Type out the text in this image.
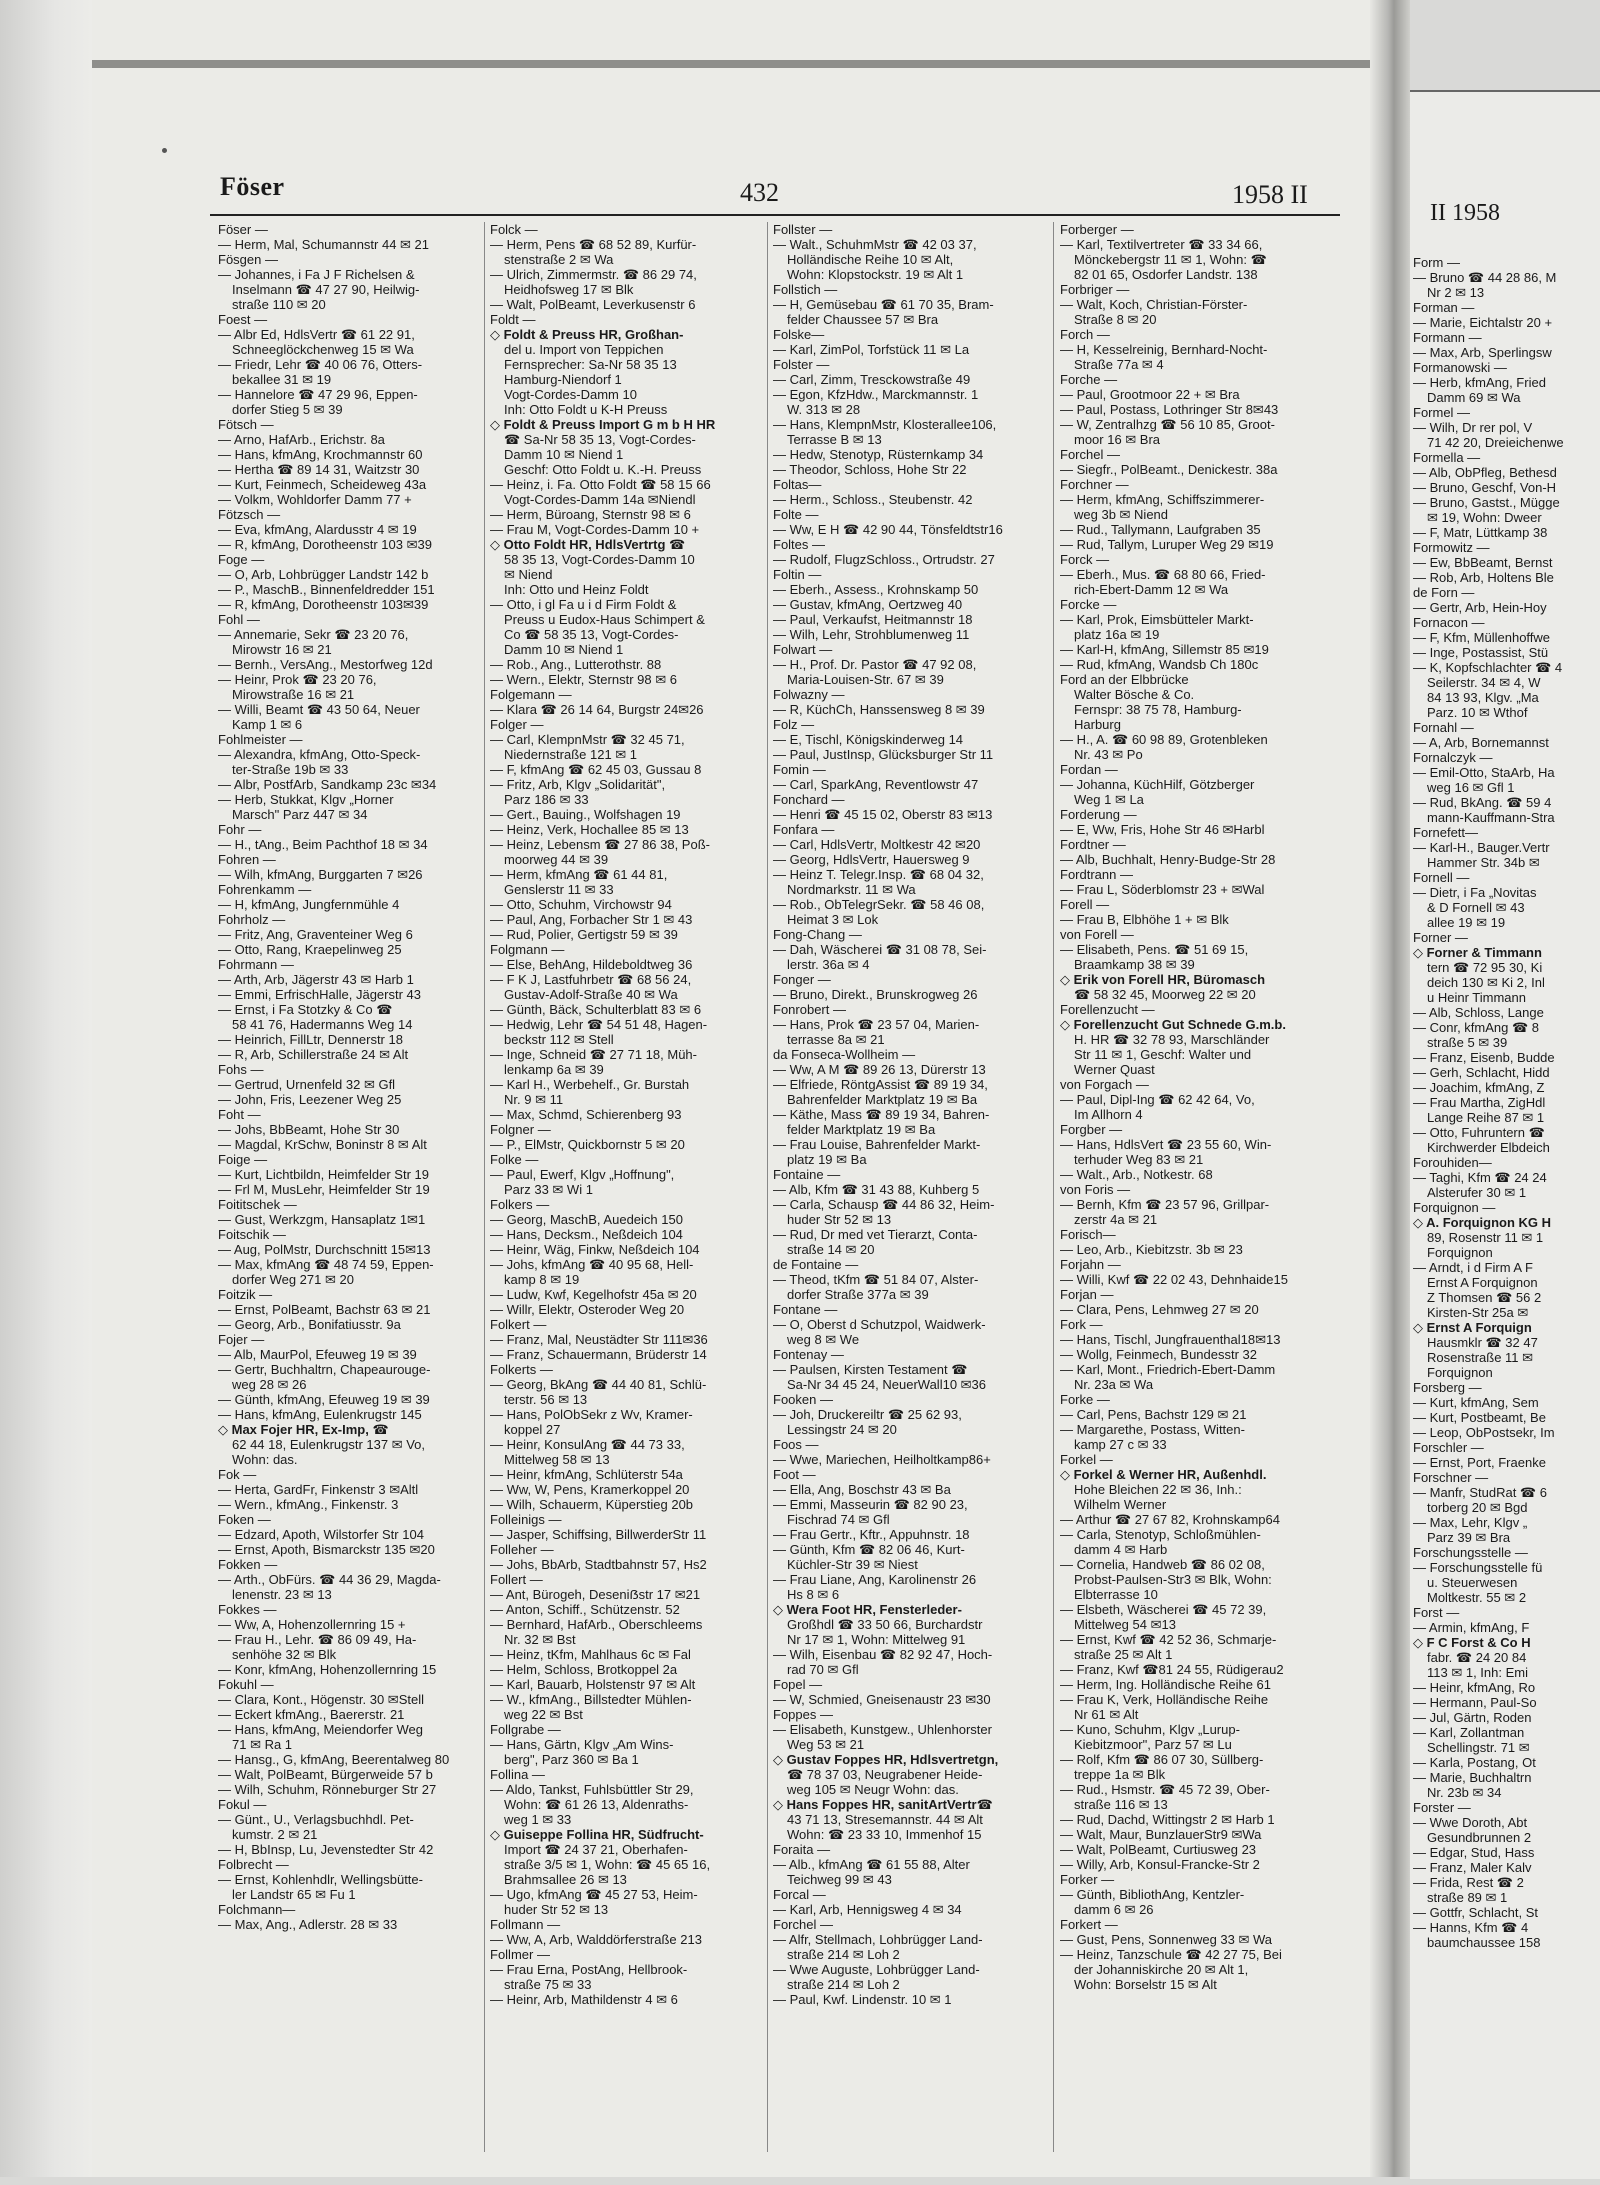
Föser	432	1958 II
II 1958
Föser —
— Herm, Mal, Schumannstr 44 ✉ 21
Fösgen —
— Johannes, i Fa J F Richelsen &
Inselmann ☎ 47 27 90, Heilwig-
straße 110 ✉ 20
Foest —
— Albr Ed, HdlsVertr ☎ 61 22 91,
Schneeglöckchenweg 15 ✉ Wa
— Friedr, Lehr ☎ 40 06 76, Otters-
bekallee 31 ✉ 19
— Hannelore ☎ 47 29 96, Eppen-
dorfer Stieg 5 ✉ 39
Fötsch —
— Arno, HafArb., Erichstr. 8a
— Hans, kfmAng, Krochmannstr 60
— Hertha ☎ 89 14 31, Waitzstr 30
— Kurt, Feinmech, Scheideweg 43a
— Volkm, Wohldorfer Damm 77 +
Fötzsch —
— Eva, kfmAng, Alardusstr 4 ✉ 19
— R, kfmAng, Dorotheenstr 103 ✉39
Foge —
— O, Arb, Lohbrügger Landstr 142 b
— P., MaschB., Binnenfeldredder 151
— R, kfmAng, Dorotheenstr 103✉39
Fohl —
— Annemarie, Sekr ☎ 23 20 76,
Mirowstr 16 ✉ 21
— Bernh., VersAng., Mestorfweg 12d
— Heinr, Prok ☎ 23 20 76,
Mirowstraße 16 ✉ 21
— Willi, Beamt ☎ 43 50 64, Neuer
Kamp 1 ✉ 6
Fohlmeister —
— Alexandra, kfmAng, Otto-Speck-
ter-Straße 19b ✉ 33
— Albr, PostfArb, Sandkamp 23c ✉34
— Herb, Stukkat, Klgv „Horner
Marsch" Parz 447 ✉ 34
Fohr —
— H., tAng., Beim Pachthof 18 ✉ 34
Fohren —
— Wilh, kfmAng, Burggarten 7 ✉26
Fohrenkamm —
— H, kfmAng, Jungfernmühle 4
Fohrholz —
— Fritz, Ang, Graventeiner Weg 6
— Otto, Rang, Kraepelinweg 25
Fohrmann —
— Arth, Arb, Jägerstr 43 ✉ Harb 1
— Emmi, ErfrischHalle, Jägerstr 43
— Ernst, i Fa Stotzky & Co ☎
58 41 76, Hadermanns Weg 14
— Heinrich, FillLtr, Dennerstr 18
— R, Arb, Schillerstraße 24 ✉ Alt
Fohs —
— Gertrud, Urnenfeld 32 ✉ Gfl
— John, Fris, Leezener Weg 25
Foht —
— Johs, BbBeamt, Hohe Str 30
— Magdal, KrSchw, Boninstr 8 ✉ Alt
Foige —
— Kurt, Lichtbildn, Heimfelder Str 19
— Frl M, MusLehr, Heimfelder Str 19
Foititschek —
— Gust, Werkzgm, Hansaplatz 1✉1
Foitschik —
— Aug, PolMstr, Durchschnitt 15✉13
— Max, kfmAng ☎ 48 74 59, Eppen-
dorfer Weg 271 ✉ 20
Foitzik —
— Ernst, PolBeamt, Bachstr 63 ✉ 21
— Georg, Arb., Bonifatiusstr. 9a
Fojer —
— Alb, MaurPol, Efeuweg 19 ✉ 39
— Gertr, Buchhaltrn, Chapeaurouge-
weg 28 ✉ 26
— Günth, kfmAng, Efeuweg 19 ✉ 39
— Hans, kfmAng, Eulenkrugstr 145
◇ Max Fojer HR, Ex-Imp, ☎
62 44 18, Eulenkrugstr 137 ✉ Vo,
Wohn: das.
Fok —
— Herta, GardFr, Finkenstr 3 ✉Altl
— Wern., kfmAng., Finkenstr. 3
Foken —
— Edzard, Apoth, Wilstorfer Str 104
— Ernst, Apoth, Bismarckstr 135 ✉20
Fokken —
— Arth., ObFürs. ☎ 44 36 29, Magda-
lenenstr. 23 ✉ 13
Fokkes —
— Ww, A, Hohenzollernring 15 +
— Frau H., Lehr. ☎ 86 09 49, Ha-
senhöhe 32 ✉ Blk
— Konr, kfmAng, Hohenzollernring 15
Fokuhl —
— Clara, Kont., Högenstr. 30 ✉Stell
— Eckert kfmAng., Baererstr. 21
— Hans, kfmAng, Meiendorfer Weg
71 ✉ Ra 1
— Hansg., G, kfmAng, Beerentalweg 80
— Walt, PolBeamt, Bürgerweide 57 b
— Wilh, Schuhm, Rönneburger Str 27
Fokul —
— Günt., U., Verlagsbuchhdl. Pet-
kumstr. 2 ✉ 21
— H, BbInsp, Lu, Jevenstedter Str 42
Folbrecht —
— Ernst, Kohlenhdlr, Wellingsbütte-
ler Landstr 65 ✉ Fu 1
Folchmann—
— Max, Ang., Adlerstr. 28 ✉ 33
Folck —
— Herm, Pens ☎ 68 52 89, Kurfür-
stenstraße 2 ✉ Wa
— Ulrich, Zimmermstr. ☎ 86 29 74,
Heidhofsweg 17 ✉ Blk
— Walt, PolBeamt, Leverkusenstr 6
Foldt —
◇ Foldt & Preuss HR, Großhan-
del u. Import von Teppichen
Fernsprecher: Sa-Nr 58 35 13
Hamburg-Niendorf 1
Vogt-Cordes-Damm 10
Inh: Otto Foldt u K-H Preuss
◇ Foldt & Preuss Import G m b H HR
☎ Sa-Nr 58 35 13, Vogt-Cordes-
Damm 10 ✉ Niend 1
Geschf: Otto Foldt u. K.-H. Preuss
— Heinz, i. Fa. Otto Foldt ☎ 58 15 66
Vogt-Cordes-Damm 14a ✉Niendl
— Herm, Büroang, Sternstr 98 ✉ 6
— Frau M, Vogt-Cordes-Damm 10 +
◇ Otto Foldt HR, HdlsVertrtg ☎
58 35 13, Vogt-Cordes-Damm 10
✉ Niend
Inh: Otto und Heinz Foldt
— Otto, i gl Fa u i d Firm Foldt &
Preuss u Eudox-Haus Schimpert &
Co ☎ 58 35 13, Vogt-Cordes-
Damm 10 ✉ Niend 1
— Rob., Ang., Lutterothstr. 88
— Wern., Elektr, Sternstr 98 ✉ 6
Folgemann —
— Klara ☎ 26 14 64, Burgstr 24✉26
Folger —
— Carl, KlempnMstr ☎ 32 45 71,
Niedernstraße 121 ✉ 1
— F, kfmAng ☎ 62 45 03, Gussau 8
— Fritz, Arb, Klgv „Solidarität",
Parz 186 ✉ 33
— Gert., Bauing., Wolfshagen 19
— Heinz, Verk, Hochallee 85 ✉ 13
— Heinz, Lebensm ☎ 27 86 38, Poß-
moorweg 44 ✉ 39
— Herm, kfmAng ☎ 61 44 81,
Genslerstr 11 ✉ 33
— Otto, Schuhm, Virchowstr 94
— Paul, Ang, Forbacher Str 1 ✉ 43
— Rud, Polier, Gertigstr 59 ✉ 39
Folgmann —
— Else, BehAng, Hildeboldtweg 36
— F K J, Lastfuhrbetr ☎ 68 56 24,
Gustav-Adolf-Straße 40 ✉ Wa
— Günth, Bäck, Schulterblatt 83 ✉ 6
— Hedwig, Lehr ☎ 54 51 48, Hagen-
beckstr 112 ✉ Stell
— Inge, Schneid ☎ 27 71 18, Müh-
lenkamp 6a ✉ 39
— Karl H., Werbehelf., Gr. Burstah
Nr. 9 ✉ 11
— Max, Schmd, Schierenberg 93
Folgner —
— P., ElMstr, Quickbornstr 5 ✉ 20
Folke —
— Paul, Ewerf, Klgv „Hoffnung",
Parz 33 ✉ Wi 1
Folkers —
— Georg, MaschB, Auedeich 150
— Hans, Decksm., Neßdeich 104
— Heinr, Wäg, Finkw, Neßdeich 104
— Johs, kfmAng ☎ 40 95 68, Hell-
kamp 8 ✉ 19
— Ludw, Kwf, Kegelhofstr 45a ✉ 20
— Willr, Elektr, Osteroder Weg 20
Folkert —
— Franz, Mal, Neustädter Str 111✉36
— Franz, Schauermann, Brüderstr 14
Folkerts —
— Georg, BkAng ☎ 44 40 81, Schlü-
terstr. 56 ✉ 13
— Hans, PolObSekr z Wv, Kramer-
koppel 27
— Heinr, KonsulAng ☎ 44 73 33,
Mittelweg 58 ✉ 13
— Heinr, kfmAng, Schlüterstr 54a
— Ww, W, Pens, Kramerkoppel 20
— Wilh, Schauerm, Küperstieg 20b
Folleinigs —
— Jasper, Schiffsing, BillwerderStr 11
Folleher —
— Johs, BbArb, Stadtbahnstr 57, Hs2
Follert —
— Ant, Bürogeh, Deseniẞstr 17 ✉21
— Anton, Schiff., Schützenstr. 52
— Bernhard, HafArb., Oberschleems
Nr. 32 ✉ Bst
— Heinz, tKfm, Mahlhaus 6c ✉ Fal
— Helm, Schloss, Brotkoppel 2a
— Karl, Bauarb, Holstenstr 97 ✉ Alt
— W., kfmAng., Billstedter Mühlen-
weg 22 ✉ Bst
Follgrabe —
— Hans, Gärtn, Klgv „Am Wins-
berg", Parz 360 ✉ Ba 1
Follina —
— Aldo, Tankst, Fuhlsbüttler Str 29,
Wohn: ☎ 61 26 13, Aldenraths-
weg 1 ✉ 33
◇ Guiseppe Follina HR, Südfrucht-
Import ☎ 24 37 21, Oberhafen-
straße 3/5 ✉ 1, Wohn: ☎ 45 65 16,
Brahmsallee 26 ✉ 13
— Ugo, kfmAng ☎ 45 27 53, Heim-
huder Str 52 ✉ 13
Follmann —
— Ww, A, Arb, Walddörferstraße 213
Follmer —
— Frau Erna, PostAng, Hellbrook-
straße 75 ✉ 33
— Heinr, Arb, Mathildenstr 4 ✉ 6
Follster —
— Walt., SchuhmMstr ☎ 42 03 37,
Holländische Reihe 10 ✉ Alt,
Wohn: Klopstockstr. 19 ✉ Alt 1
Follstich —
— H, Gemüsebau ☎ 61 70 35, Bram-
felder Chaussee 57 ✉ Bra
Folske—
— Karl, ZimPol, Torfstück 11 ✉ La
Folster —
— Carl, Zimm, Tresckowstraße 49
— Egon, KfzHdw., Marckmannstr. 1
W. 313 ✉ 28
— Hans, KlempnMstr, Klosterallee106,
Terrasse B ✉ 13
— Hedw, Stenotyp, Rüsternkamp 34
— Theodor, Schloss, Hohe Str 22
Foltas—
— Herm., Schloss., Steubenstr. 42
Folte —
— Ww, E H ☎ 42 90 44, Tönsfeldtstr16
Foltes —
— Rudolf, FlugzSchloss., Ortrudstr. 27
Foltin —
— Eberh., Assess., Krohnskamp 50
— Gustav, kfmAng, Oertzweg 40
— Paul, Verkaufst, Heitmannstr 18
— Wilh, Lehr, Strohblumenweg 11
Folwart —
— H., Prof. Dr. Pastor ☎ 47 92 08,
Maria-Louisen-Str. 67 ✉ 39
Folwazny —
— R, KüchCh, Hanssensweg 8 ✉ 39
Folz —
— E, Tischl, Königskinderweg 14
— Paul, JustInsp, Glücksburger Str 11
Fomin —
— Carl, SparkAng, Reventlowstr 47
Fonchard —
— Henri ☎ 45 15 02, Oberstr 83 ✉13
Fonfara —
— Carl, HdlsVertr, Moltkestr 42 ✉20
— Georg, HdlsVertr, Hauersweg 9
— Heinz T. Telegr.Insp. ☎ 68 04 32,
Nordmarkstr. 11 ✉ Wa
— Rob., ObTelegrSekr. ☎ 58 46 08,
Heimat 3 ✉ Lok
Fong-Chang —
— Dah, Wäscherei ☎ 31 08 78, Sei-
lerstr. 36a ✉ 4
Fonger —
— Bruno, Direkt., Brunskrogweg 26
Fonrobert —
— Hans, Prok ☎ 23 57 04, Marien-
terrasse 8a ✉ 21
da Fonseca-Wollheim —
— Ww, A M ☎ 89 26 13, Dürerstr 13
— Elfriede, RöntgAssist ☎ 89 19 34,
Bahrenfelder Marktplatz 19 ✉ Ba
— Käthe, Mass ☎ 89 19 34, Bahren-
felder Marktplatz 19 ✉ Ba
— Frau Louise, Bahrenfelder Markt-
platz 19 ✉ Ba
Fontaine —
— Alb, Kfm ☎ 31 43 88, Kuhberg 5
— Carla, Schausp ☎ 44 86 32, Heim-
huder Str 52 ✉ 13
— Rud, Dr med vet Tierarzt, Conta-
straße 14 ✉ 20
de Fontaine —
— Theod, tKfm ☎ 51 84 07, Alster-
dorfer Straße 377a ✉ 39
Fontane —
— O, Oberst d Schutzpol, Waidwerk-
weg 8 ✉ We
Fontenay —
— Paulsen, Kirsten Testament ☎
Sa-Nr 34 45 24, NeuerWall10 ✉36
Fooken —
— Joh, Druckereiltr ☎ 25 62 93,
Lessingstr 24 ✉ 20
Foos —
— Wwe, Mariechen, Heilholtkamp86+
Foot —
— Ella, Ang, Boschstr 43 ✉ Ba
— Emmi, Masseurin ☎ 82 90 23,
Fischrad 74 ✉ Gfl
— Frau Gertr., Kftr., Appuhnstr. 18
— Günth, Kfm ☎ 82 06 46, Kurt-
Küchler-Str 39 ✉ Niest
— Frau Liane, Ang, Karolinenstr 26
Hs 8 ✉ 6
◇ Wera Foot HR, Fensterleder-
Großhdl ☎ 33 50 66, Burchardstr
Nr 17 ✉ 1, Wohn: Mittelweg 91
— Wilh, Eisenbau ☎ 82 92 47, Hoch-
rad 70 ✉ Gfl
Fopel —
— W, Schmied, Gneisenaustr 23 ✉30
Foppes —
— Elisabeth, Kunstgew., Uhlenhorster
Weg 53 ✉ 21
◇ Gustav Foppes HR, Hdlsvertretgn,
☎ 78 37 03, Neugrabener Heide-
weg 105 ✉ Neugr Wohn: das.
◇ Hans Foppes HR, sanitArtVertr☎
43 71 13, Stresemannstr. 44 ✉ Alt
Wohn: ☎ 23 33 10, Immenhof 15
Foraita —
— Alb., kfmAng ☎ 61 55 88, Alter
Teichweg 99 ✉ 43
Forcal —
— Karl, Arb, Hennigsweg 4 ✉ 34
Forchel —
— Alfr, Stellmach, Lohbrügger Land-
straße 214 ✉ Loh 2
— Wwe Auguste, Lohbrügger Land-
straße 214 ✉ Loh 2
— Paul, Kwf. Lindenstr. 10 ✉ 1
Forberger —
— Karl, Textilvertreter ☎ 33 34 66,
Mönckebergstr 11 ✉ 1, Wohn: ☎
82 01 65, Osdorfer Landstr. 138
Forbriger —
— Walt, Koch, Christian-Förster-
Straße 8 ✉ 20
Forch —
— H, Kesselreinig, Bernhard-Nocht-
Straße 77a ✉ 4
Forche —
— Paul, Grootmoor 22 + ✉ Bra
— Paul, Postass, Lothringer Str 8✉43
— W, Zentralhzg ☎ 56 10 85, Groot-
moor 16 ✉ Bra
Forchel —
— Siegfr., PolBeamt., Denickestr. 38a
Forchner —
— Herm, kfmAng, Schiffszimmerer-
weg 3b ✉ Niend
— Rud., Tallymann, Laufgraben 35
— Rud, Tallym, Luruper Weg 29 ✉19
Forck —
— Eberh., Mus. ☎ 68 80 66, Fried-
rich-Ebert-Damm 12 ✉ Wa
Forcke —
— Karl, Prok, Eimsbütteler Markt-
platz 16a ✉ 19
— Karl-H, kfmAng, Sillemstr 85 ✉19
— Rud, kfmAng, Wandsb Ch 180c
Ford an der Elbbrücke
Walter Bösche & Co.
Fernspr: 38 75 78, Hamburg-
Harburg
— H., A. ☎ 60 98 89, Grotenbleken
Nr. 43 ✉ Po
Fordan —
— Johanna, KüchHilf, Götzberger
Weg 1 ✉ La
Forderung —
— E, Ww, Fris, Hohe Str 46 ✉Harbl
Fordtner —
— Alb, Buchhalt, Henry-Budge-Str 28
Fordtrann —
— Frau L, Söderblomstr 23 + ✉Wal
Forell —
— Frau B, Elbhöhe 1 + ✉ Blk
von Forell —
— Elisabeth, Pens. ☎ 51 69 15,
Braamkamp 38 ✉ 39
◇ Erik von Forell HR, Büromasch
☎ 58 32 45, Moorweg 22 ✉ 20
Forellenzucht —
◇ Forellenzucht Gut Schnede G.m.b.
H. HR ☎ 32 78 93, Marschländer
Str 11 ✉ 1, Geschf: Walter und
Werner Quast
von Forgach —
— Paul, Dipl-Ing ☎ 62 42 64, Vo,
Im Allhorn 4
Forgber —
— Hans, HdlsVert ☎ 23 55 60, Win-
terhuder Weg 83 ✉ 21
— Walt., Arb., Notkestr. 68
von Foris —
— Bernh, Kfm ☎ 23 57 96, Grillpar-
zerstr 4a ✉ 21
Forisch—
— Leo, Arb., Kiebitzstr. 3b ✉ 23
Forjahn —
— Willi, Kwf ☎ 22 02 43, Dehnhaide15
Forjan —
— Clara, Pens, Lehmweg 27 ✉ 20
Fork —
— Hans, Tischl, Jungfrauenthal18✉13
— Wollg, Feinmech, Bundesstr 32
— Karl, Mont., Friedrich-Ebert-Damm
Nr. 23a ✉ Wa
Forke —
— Carl, Pens, Bachstr 129 ✉ 21
— Margarethe, Postass, Witten-
kamp 27 c ✉ 33
Forkel —
◇ Forkel & Werner HR, Außenhdl.
Hohe Bleichen 22 ✉ 36, Inh.:
Wilhelm Werner
— Arthur ☎ 27 67 82, Krohnskamp64
— Carla, Stenotyp, Schloßmühlen-
damm 4 ✉ Harb
— Cornelia, Handweb ☎ 86 02 08,
Probst-Paulsen-Str3 ✉ Blk, Wohn:
Elbterrasse 10
— Elsbeth, Wäscherei ☎ 45 72 39,
Mittelweg 54 ✉13
— Ernst, Kwf ☎ 42 52 36, Schmarje-
straße 25 ✉ Alt 1
— Franz, Kwf ☎81 24 55, Rüdigerau2
— Herm, Ing. Holländische Reihe 61
— Frau K, Verk, Holländische Reihe
Nr 61 ✉ Alt
— Kuno, Schuhm, Klgv „Lurup-
Kiebitzmoor", Parz 57 ✉ Lu
— Rolf, Kfm ☎ 86 07 30, Süllberg-
treppe 1a ✉ Blk
— Rud., Hsmstr. ☎ 45 72 39, Ober-
straße 116 ✉ 13
— Rud, Dachd, Wittingstr 2 ✉ Harb 1
— Walt, Maur, BunzlauerStr9 ✉Wa
— Walt, PolBeamt, Curtiusweg 23
— Willy, Arb, Konsul-Francke-Str 2
Forker —
— Günth, BibliothAng, Kentzler-
damm 6 ✉ 26
Forkert —
— Gust, Pens, Sonnenweg 33 ✉ Wa
— Heinz, Tanzschule ☎ 42 27 75, Bei
der Johanniskirche 20 ✉ Alt 1,
Wohn: Borselstr 15 ✉ Alt
Form —
— Bruno ☎ 44 28 86, M
Nr 2 ✉ 13
Forman —
— Marie, Eichtalstr 20 +
Formann —
— Max, Arb, Sperlingsw
Formanowski —
— Herb, kfmAng, Fried
Damm 69 ✉ Wa
Formel —
— Wilh, Dr rer pol, V
71 42 20, Dreieichenwe
Formella —
— Alb, ObPfleg, Bethesd
— Bruno, Geschf, Von-H
— Bruno, Gastst., Mügge
✉ 19, Wohn: Dweer
— F, Matr, Lüttkamp 38
Formowitz —
— Ew, BbBeamt, Bernst
— Rob, Arb, Holtens Ble
de Forn —
— Gertr, Arb, Hein-Hoy
Fornacon —
— F, Kfm, Müllenhoffwe
— Inge, Postassist, Stü
— K, Kopfschlachter ☎ 4
Seilerstr. 34 ✉ 4, W
84 13 93, Klgv. „Ma
Parz. 10 ✉ Wthof
Fornahl —
— A, Arb, Bornemannst
Fornalczyk —
— Emil-Otto, StaArb, Ha
weg 16 ✉ Gfl 1
— Rud, BkAng. ☎ 59 4
mann-Kauffmann-Stra
Fornefett—
— Karl-H., Bauger.Vertr
Hammer Str. 34b ✉
Fornell —
— Dietr, i Fa „Novitas
& D Fornell ✉ 43
allee 19 ✉ 19
Forner —
◇ Forner & Timmann
tern ☎ 72 95 30, Ki
deich 130 ✉ Ki 2, Inl
u Heinr Timmann
— Alb, Schloss, Lange
— Conr, kfmAng ☎ 8
straße 5 ✉ 39
— Franz, Eisenb, Budde
— Gerh, Schlacht, Hidd
— Joachim, kfmAng, Z
— Frau Martha, ZigHdl
Lange Reihe 87 ✉ 1
— Otto, Fuhruntern ☎
Kirchwerder Elbdeich
Forouhiden—
— Taghi, Kfm ☎ 24 24
Alsterufer 30 ✉ 1
Forquignon —
◇ A. Forquignon KG H
89, Rosenstr 11 ✉ 1
Forquignon
— Arndt, i d Firm A F
Ernst A Forquignon
Z Thomsen ☎ 56 2
Kirsten-Str 25a ✉
◇ Ernst A Forquign
Hausmklr ☎ 32 47
Rosenstraße 11 ✉
Forquignon
Forsberg —
— Kurt, kfmAng, Sem
— Kurt, Postbeamt, Be
— Leop, ObPostsekr, Im
Forschler —
— Ernst, Port, Fraenke
Forschner —
— Manfr, StudRat ☎ 6
torberg 20 ✉ Bgd
— Max, Lehr, Klgv „
Parz 39 ✉ Bra
Forschungsstelle —
— Forschungsstelle fü
u. Steuerwesen
Moltkestr. 55 ✉ 2
Forst —
— Armin, kfmAng, F
◇ F C Forst & Co H
fabr. ☎ 24 20 84
113 ✉ 1, Inh: Emi
— Heinr, kfmAng, Ro
— Hermann, Paul-So
— Jul, Gärtn, Roden
— Karl, Zollantman
Schellingstr. 71 ✉
— Karla, Postang, Ot
— Marie, Buchhaltrn
Nr. 23b ✉ 34
Forster —
— Wwe Doroth, Abt
Gesundbrunnen 2
— Edgar, Stud, Hass
— Franz, Maler Kalv
— Frida, Rest ☎ 2
straße 89 ✉ 1
— Gottfr, Schlacht, St
— Hanns, Kfm ☎ 4
baumchaussee 158
